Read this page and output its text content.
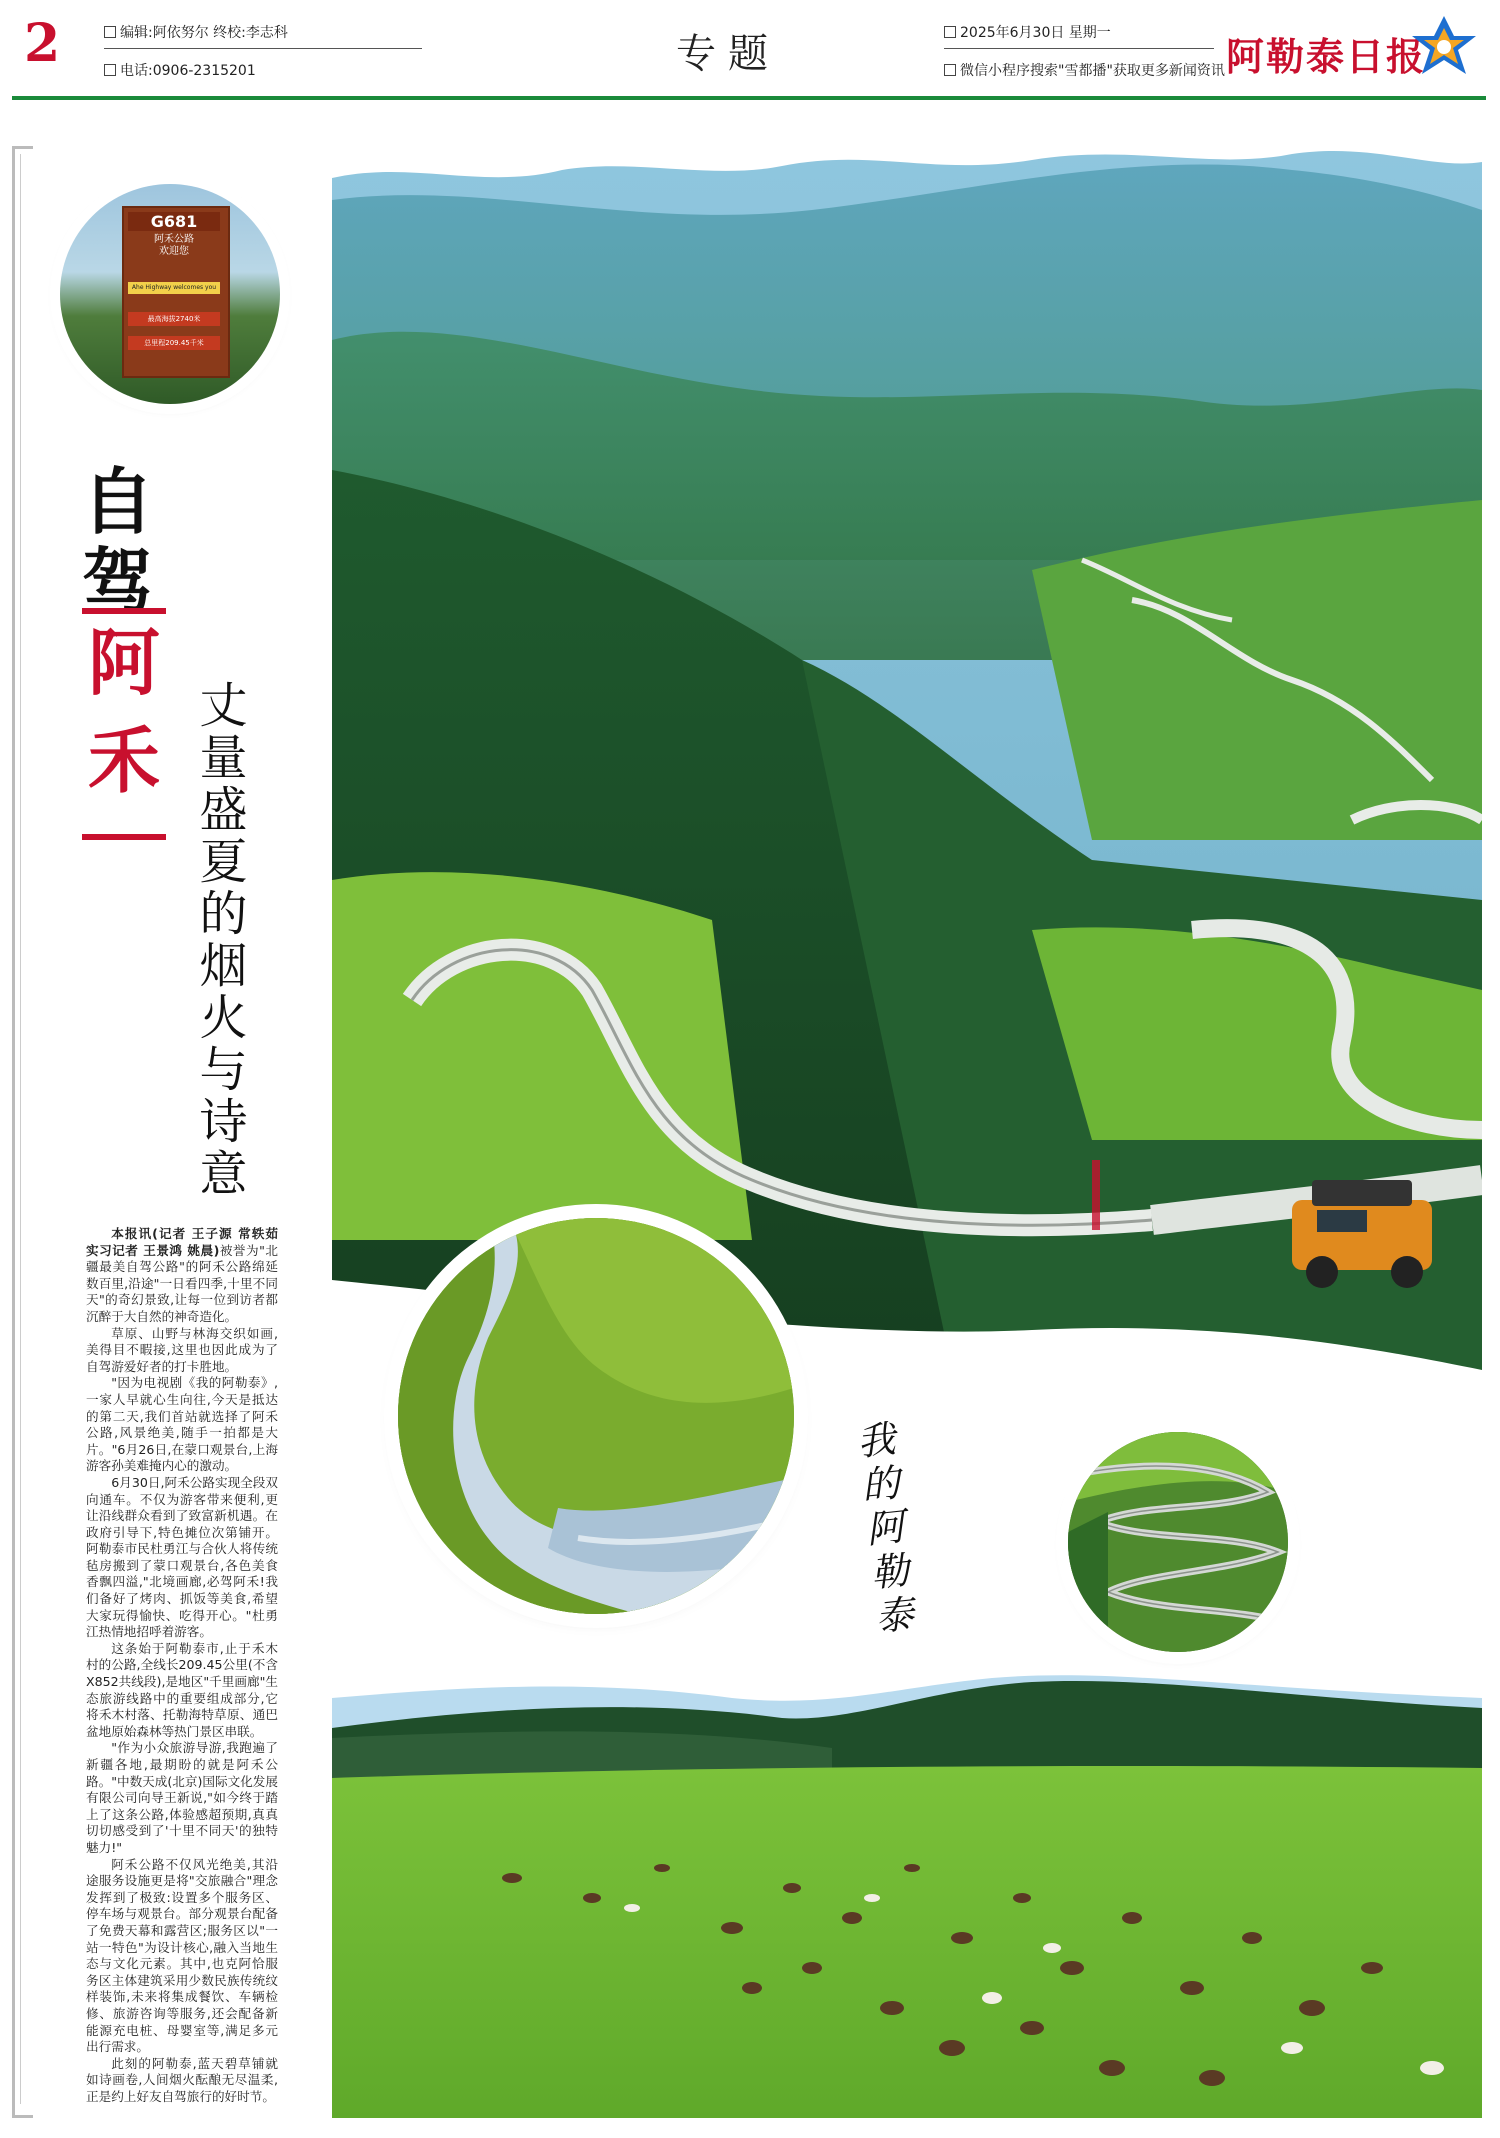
2	编辑:阿依努尔 终校:李志科
电话:0906-2315201	专题	2025年6月30日 星期一
微信小程序搜索"雪都播"获取更多新闻资讯 阿勒泰日报
G681
阿禾公路
欢迎您
Ahe Highway welcomes you
最高海拔2740米
总里程209.45千米
自驾
阿
禾 丈量盛夏的烟火与诗意

本报讯(记者 王子源 常轶茹 实习记者 王景鸿 姚晨)被誉为"北疆最美自驾公路"的阿禾公路绵延数百里,沿途"一日看四季,十里不同天"的奇幻景致,让每一位到访者都沉醉于大自然的神奇造化。

草原、山野与林海交织如画,美得目不暇接,这里也因此成为了自驾游爱好者的打卡胜地。

"因为电视剧《我的阿勒泰》,一家人早就心生向往,今天是抵达的第二天,我们首站就选择了阿禾公路,风景绝美,随手一拍都是大片。"6月26日,在蒙口观景台,上海游客孙美难掩内心的激动。

6月30日,阿禾公路实现全段双向通车。不仅为游客带来便利,更让沿线群众看到了致富新机遇。在政府引导下,特色摊位次第铺开。阿勒泰市民杜勇江与合伙人将传统毡房搬到了蒙口观景台,各色美食香飘四溢,"北境画廊,必驾阿禾!我们备好了烤肉、抓饭等美食,希望大家玩得愉快、吃得开心。"杜勇江热情地招呼着游客。

这条始于阿勒泰市,止于禾木村的公路,全线长209.45公里(不含X852共线段),是地区"千里画廊"生态旅游线路中的重要组成部分,它将禾木村落、托勒海特草原、通巴盆地原始森林等热门景区串联。

"作为小众旅游导游,我跑遍了新疆各地,最期盼的就是阿禾公路。"中数天成(北京)国际文化发展有限公司向导王新说,"如今终于踏上了这条公路,体验感超预期,真真切切感受到了'十里不同天'的独特魅力!"

阿禾公路不仅风光绝美,其沿途服务设施更是将"交旅融合"理念发挥到了极致:设置多个服务区、停车场与观景台。部分观景台配备了免费天幕和露营区;服务区以"一站一特色"为设计核心,融入当地生态与文化元素。其中,也克阿恰服务区主体建筑采用少数民族传统纹样装饰,未来将集成餐饮、车辆检修、旅游咨询等服务,还会配备新能源充电桩、母婴室等,满足多元出行需求。

此刻的阿勒泰,蓝天碧草铺就如诗画卷,人间烟火酝酿无尽温柔,正是约上好友自驾旅行的好时节。

我的阿勒泰
